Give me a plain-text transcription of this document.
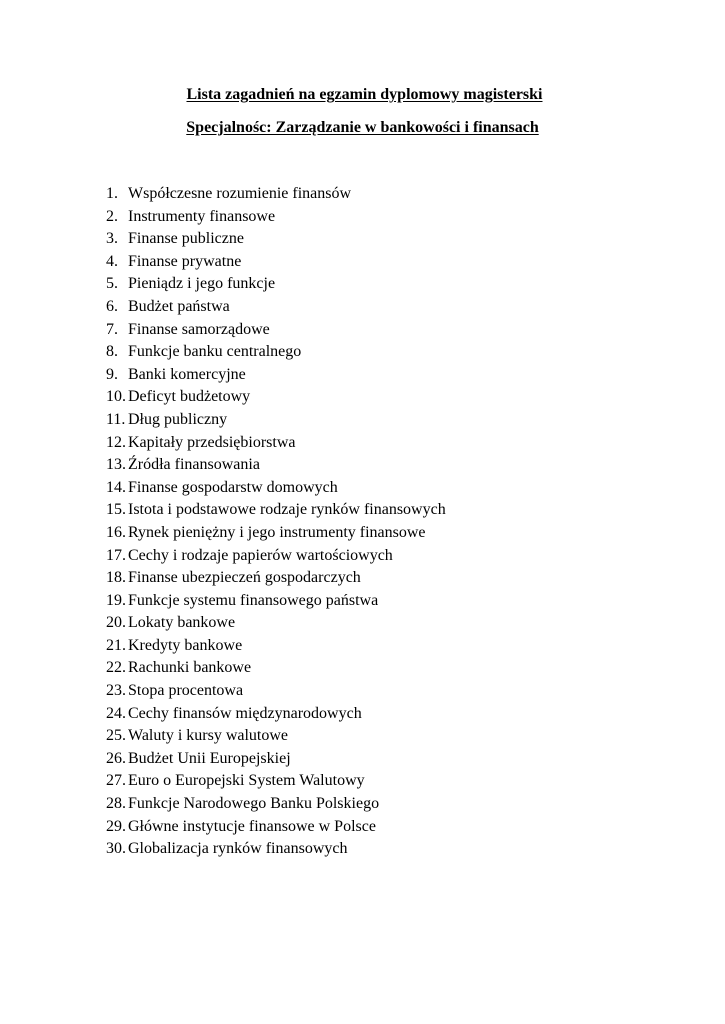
Lista zagadnień na egzamin dyplomowy magisterski
Specjalnośc: Zarządzanie w bankowości i finansach
1. Współczesne rozumienie finansów
2. Instrumenty finansowe
3. Finanse publiczne
4. Finanse prywatne
5. Pieniądz i jego funkcje
6. Budżet państwa
7. Finanse samorządowe
8. Funkcje banku centralnego
9. Banki komercyjne
10. Deficyt budżetowy
11. Dług publiczny
12. Kapitały przedsiębiorstwa
13. Źródła finansowania
14. Finanse gospodarstw domowych
15. Istota i podstawowe rodzaje rynków finansowych
16. Rynek pieniężny i jego instrumenty finansowe
17. Cechy i rodzaje papierów wartościowych
18. Finanse ubezpieczeń gospodarczych
19. Funkcje systemu finansowego państwa
20. Lokaty bankowe
21. Kredyty bankowe
22. Rachunki bankowe
23. Stopa procentowa
24. Cechy finansów międzynarodowych
25. Waluty i kursy walutowe
26. Budżet Unii Europejskiej
27. Euro o Europejski System Walutowy
28. Funkcje Narodowego Banku Polskiego
29. Główne instytucje finansowe w Polsce
30. Globalizacja rynków finansowych
